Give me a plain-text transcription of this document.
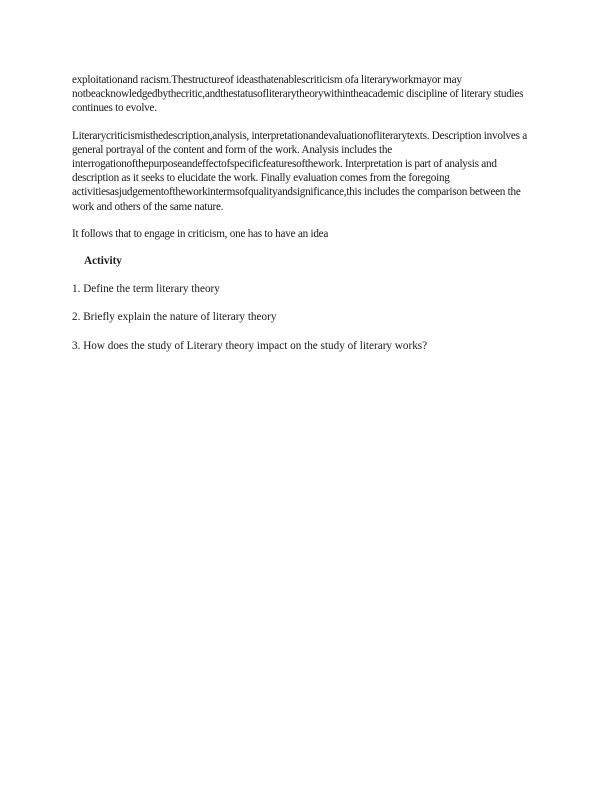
exploitationand racism.Thestructureof ideasthatenablescriticism ofa literaryworkmayor may notbeacknowledgedbythecritic,andthestatusofliterarytheorywithintheacademic discipline of literary studies continues to evolve.

Literarycriticismisthedescription,analysis, interpretationandevaluationofliterarytexts. Description involves a general portrayal of the content and form of the work. Analysis includes the interrogationofthepurposeandeffectofspecificfeaturesofthework. Interpretation is part of analysis and description as it seeks to elucidate the work. Finally evaluation comes from the foregoing activitiesasjudgementoftheworkintermsofqualityandsignificance,this includes the comparison between the work and others of the same nature.

It follows that to engage in criticism, one has to have an idea

Activity
1. Define the term literary theory
2. Briefly explain the nature of literary theory
3. How does the study of Literary theory impact on the study of literary works?
